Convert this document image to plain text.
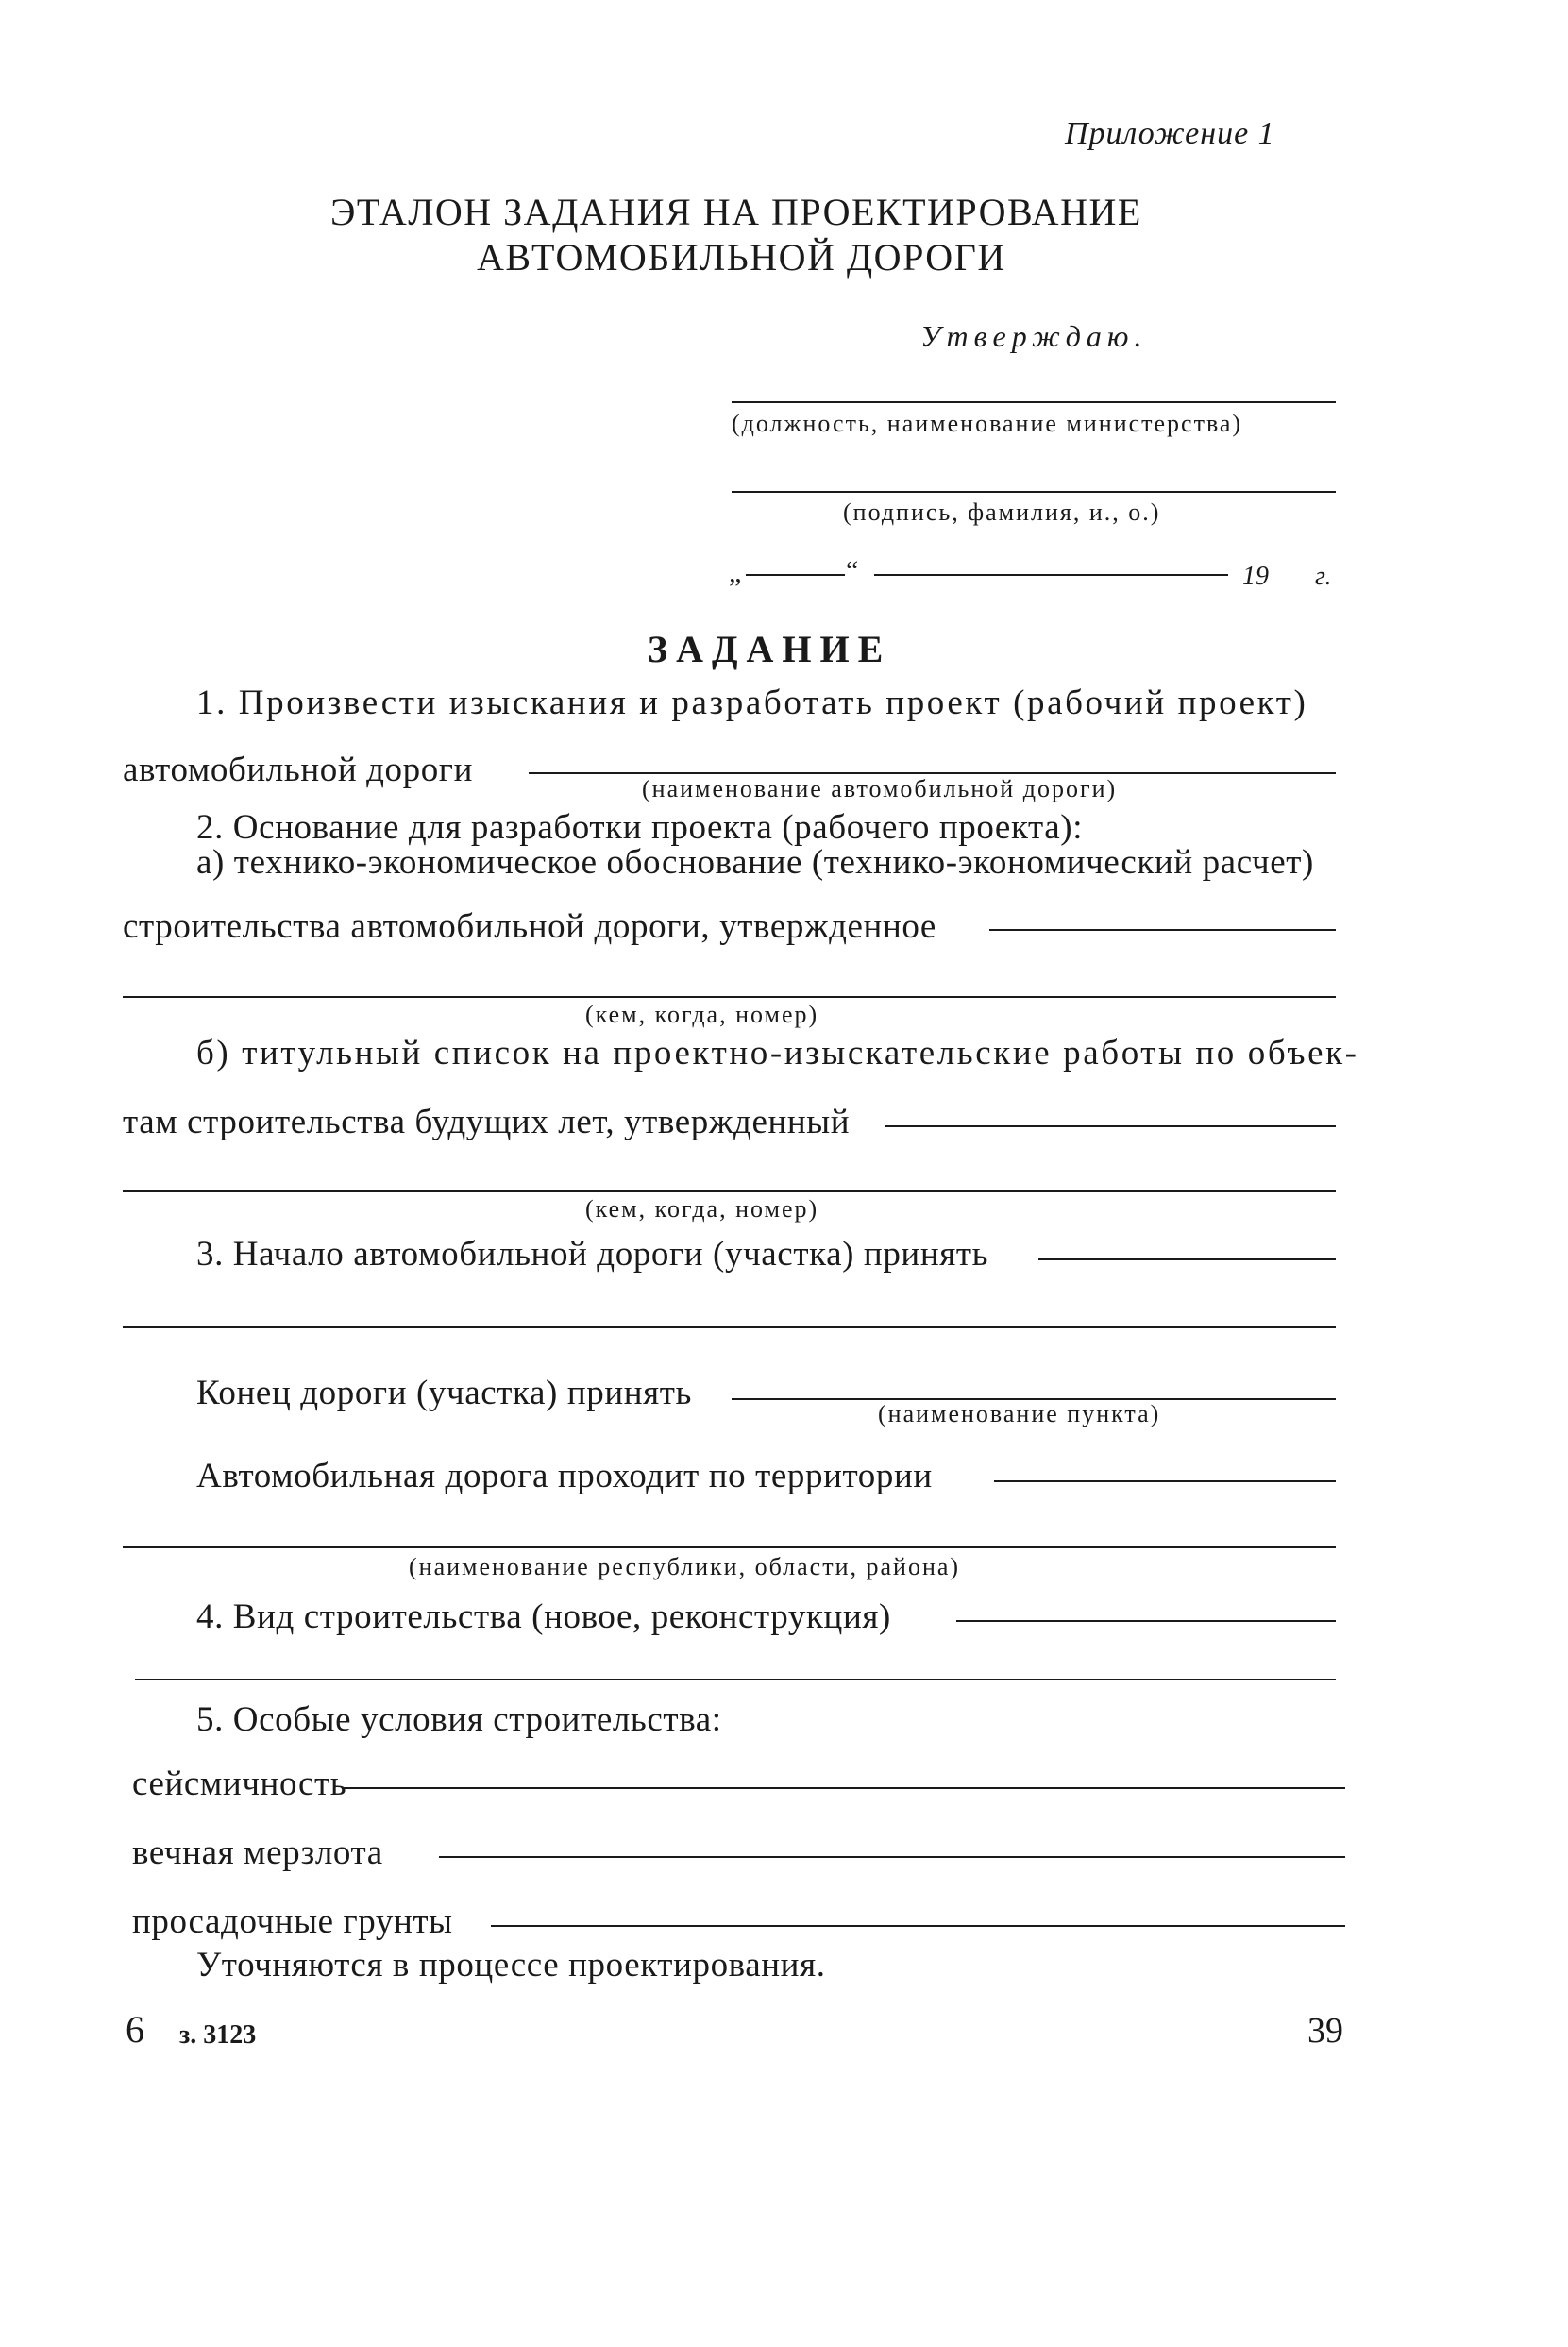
Приложение 1
ЭТАЛОН ЗАДАНИЯ НА ПРОЕКТИРОВАНИЕ
АВТОМОБИЛЬНОЙ ДОРОГИ
Утверждаю.
(должность, наименование министерства)
(подпись, фамилия, и., о.)
„	“	19 г.
ЗАДАНИЕ
1. Произвести изыскания и разработать проект (рабочий проект)
автомобильной дороги	(наименование автомобильной дороги)
2. Основание для разработки проекта (рабочего проекта):
а) технико-экономическое обоснование (технико-экономический расчет)
строительства автомобильной дороги, утвержденное
(кем, когда, номер)
б) титульный список на проектно-изыскательские работы по объек-
там строительства будущих лет, утвержденный
(кем, когда, номер)
3. Начало автомобильной дороги (участка) принять
Конец дороги (участка) принять
(наименование пункта)
Автомобильная дорога проходит по территории
(наименование республики, области, района)
4. Вид строительства (новое, реконструкция)
5. Особые условия строительства:
сейсмичность
вечная мерзлота
просадочные грунты
Уточняются в процессе проектирования.
6 з. 3123	39
